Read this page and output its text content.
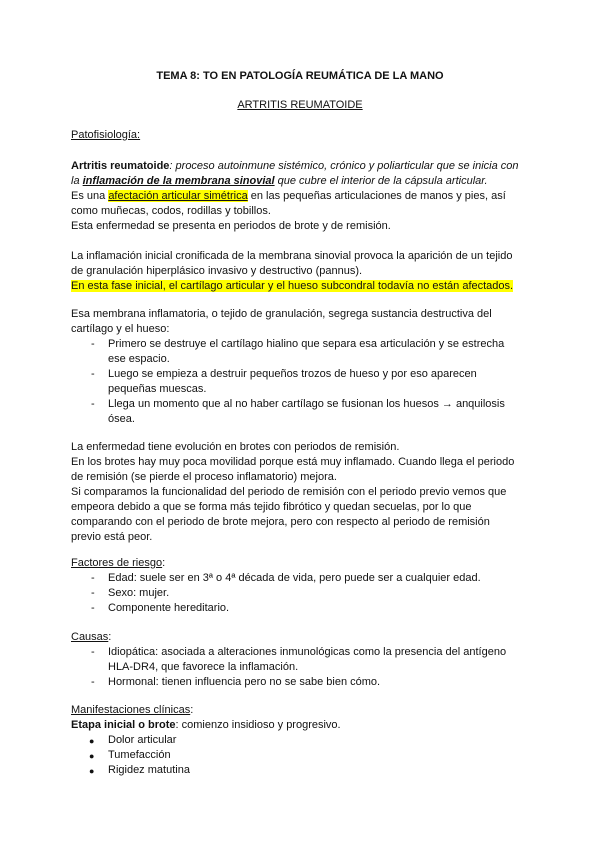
TEMA 8: TO EN PATOLOGÍA REUMÁTICA DE LA MANO
ARTRITIS REUMATOIDE
Patofisiología:
Artritis reumatoide: proceso autoinmune sistémico, crónico y poliarticular que se inicia con
la inflamación de la membrana sinovial que cubre el interior de la cápsula articular.
Es una afectación articular simétrica en las pequeñas articulaciones de manos y pies, así
como muñecas, codos, rodillas y tobillos.
Esta enfermedad se presenta en periodos de brote y de remisión.
La inflamación inicial cronificada de la membrana sinovial provoca la aparición de un tejido
de granulación hiperplásico invasivo y destructivo (pannus).
En esta fase inicial, el cartílago articular y el hueso subcondral todavía no están afectados.
Esa membrana inflamatoria, o tejido de granulación, segrega sustancia destructiva del
cartílago y el hueso:
- Primero se destruye el cartílago hialino que separa esa articulación y se estrecha
ese espacio.
- Luego se empieza a destruir pequeños trozos de hueso y por eso aparecen
pequeñas muescas.
- Llega un momento que al no haber cartílago se fusionan los huesos → anquilosis
ósea.
La enfermedad tiene evolución en brotes con periodos de remisión.
En los brotes hay muy poca movilidad porque está muy inflamado. Cuando llega el periodo
de remisión (se pierde el proceso inflamatorio) mejora.
Si comparamos la funcionalidad del periodo de remisión con el periodo previo vemos que
empeora debido a que se forma más tejido fibrótico y quedan secuelas, por lo que
comparando con el periodo de brote mejora, pero con respecto al periodo de remisión
previo está peor.
Factores de riesgo:
- Edad: suele ser en 3ª o 4ª década de vida, pero puede ser a cualquier edad.
- Sexo: mujer.
- Componente hereditario.
Causas:
- Idiopática: asociada a alteraciones inmunológicas como la presencia del antígeno
HLA-DR4, que favorece la inflamación.
- Hormonal: tienen influencia pero no se sabe bien cómo.
Manifestaciones clínicas:
Etapa inicial o brote: comienzo insidioso y progresivo.
● Dolor articular
● Tumefacción
● Rigidez matutina
